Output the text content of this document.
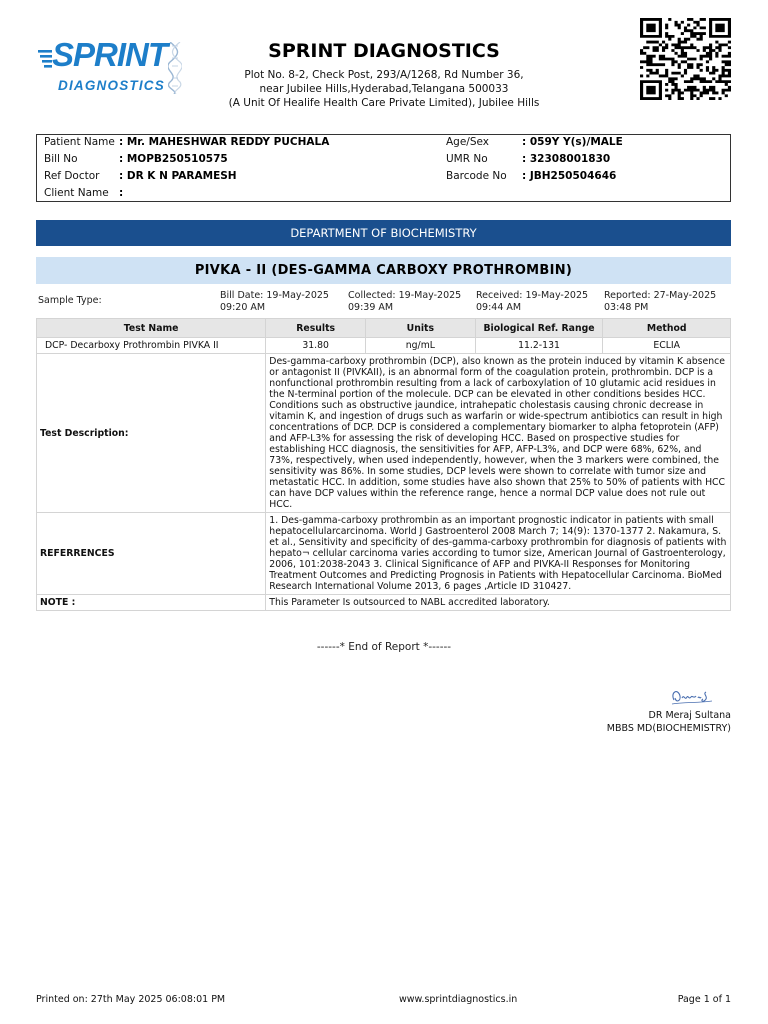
SPRINT
DIAGNOSTICS
SPRINT DIAGNOSTICS
Plot No. 8-2, Check Post, 293/A/1268, Rd Number 36,
near Jubilee Hills,Hyderabad,Telangana 500033
(A Unit Of Healife Health Care Private Limited), Jubilee Hills
Patient Name : Mr. MAHESHWAR REDDY PUCHALA
Bill No	: MOPB250510575
Ref Doctor : DR K N PARAMESH
Client Name :
Age/Sex	: 059Y Y(s)/MALE
UMR No	: 32308001830
Barcode No : JBH250504646
DEPARTMENT OF BIOCHEMISTRY
PIVKA - II (DES-GAMMA CARBOXY PROTHROMBIN)
Sample Type:	Bill Date: 19-May-2025
09:20 AM
Collected: 19-May-2025
09:39 AM
Received: 19-May-2025
09:44 AM
Reported: 27-May-2025
03:48 PM
Test Name	Results	Units	Biological Ref. Range	Method
DCP- Decarboxy Prothrombin PIVKA II	31.80	ng/mL	11.2-131	ECLIA
Test Description:	Des-gamma-carboxy prothrombin (DCP), also known as the protein induced by vitamin K absence or antagonist II (PIVKAII), is an abnormal form of the coagulation protein, prothrombin. DCP is a nonfunctional prothrombin resulting from a lack of carboxylation of 10 glutamic acid residues in the N-terminal portion of the molecule. DCP can be elevated in other conditions besides HCC. Conditions such as obstructive jaundice, intrahepatic cholestasis causing chronic decrease in vitamin K, and ingestion of drugs such as warfarin or wide-spectrum antibiotics can result in high concentrations of DCP. DCP is considered a complementary biomarker to alpha fetoprotein (AFP) and AFP-L3% for assessing the risk of developing HCC. Based on prospective studies for establishing HCC diagnosis, the sensitivities for AFP, AFP-L3%, and DCP were 68%, 62%, and 73%, respectively, when used independently, however, when the 3 markers were combined, the sensitivity was 86%. In some studies, DCP levels were shown to correlate with tumor size and metastatic HCC. In addition, some studies have also shown that 25% to 50% of patients with HCC can have DCP values within the reference range, hence a normal DCP value does not rule out HCC.			
REFERRENCES	1. Des-gamma-carboxy prothrombin as an important prognostic indicator in patients with small hepatocellularcarcinoma. World J Gastroenterol 2008 March 7; 14(9): 1370-1377 2. Nakamura, S. et al., Sensitivity and specificity of des-gamma-carboxy prothrombin for diagnosis of patients with hepato¬ cellular carcinoma varies according to tumor size, American Journal of Gastroenterology, 2006, 101:2038-2043 3. Clinical Significance of AFP and PIVKA-II Responses for Monitoring Treatment Outcomes and Predicting Prognosis in Patients with Hepatocellular Carcinoma. BioMed Research International Volume 2013, 6 pages ,Article ID 310427.			
NOTE :	This Parameter Is outsourced to NABL accredited laboratory.			
------* End of Report *------
DR Meraj Sultana
MBBS MD(BIOCHEMISTRY)
Printed on: 27th May 2025 06:08:01 PM	www.sprintdiagnostics.in	Page 1 of 1
